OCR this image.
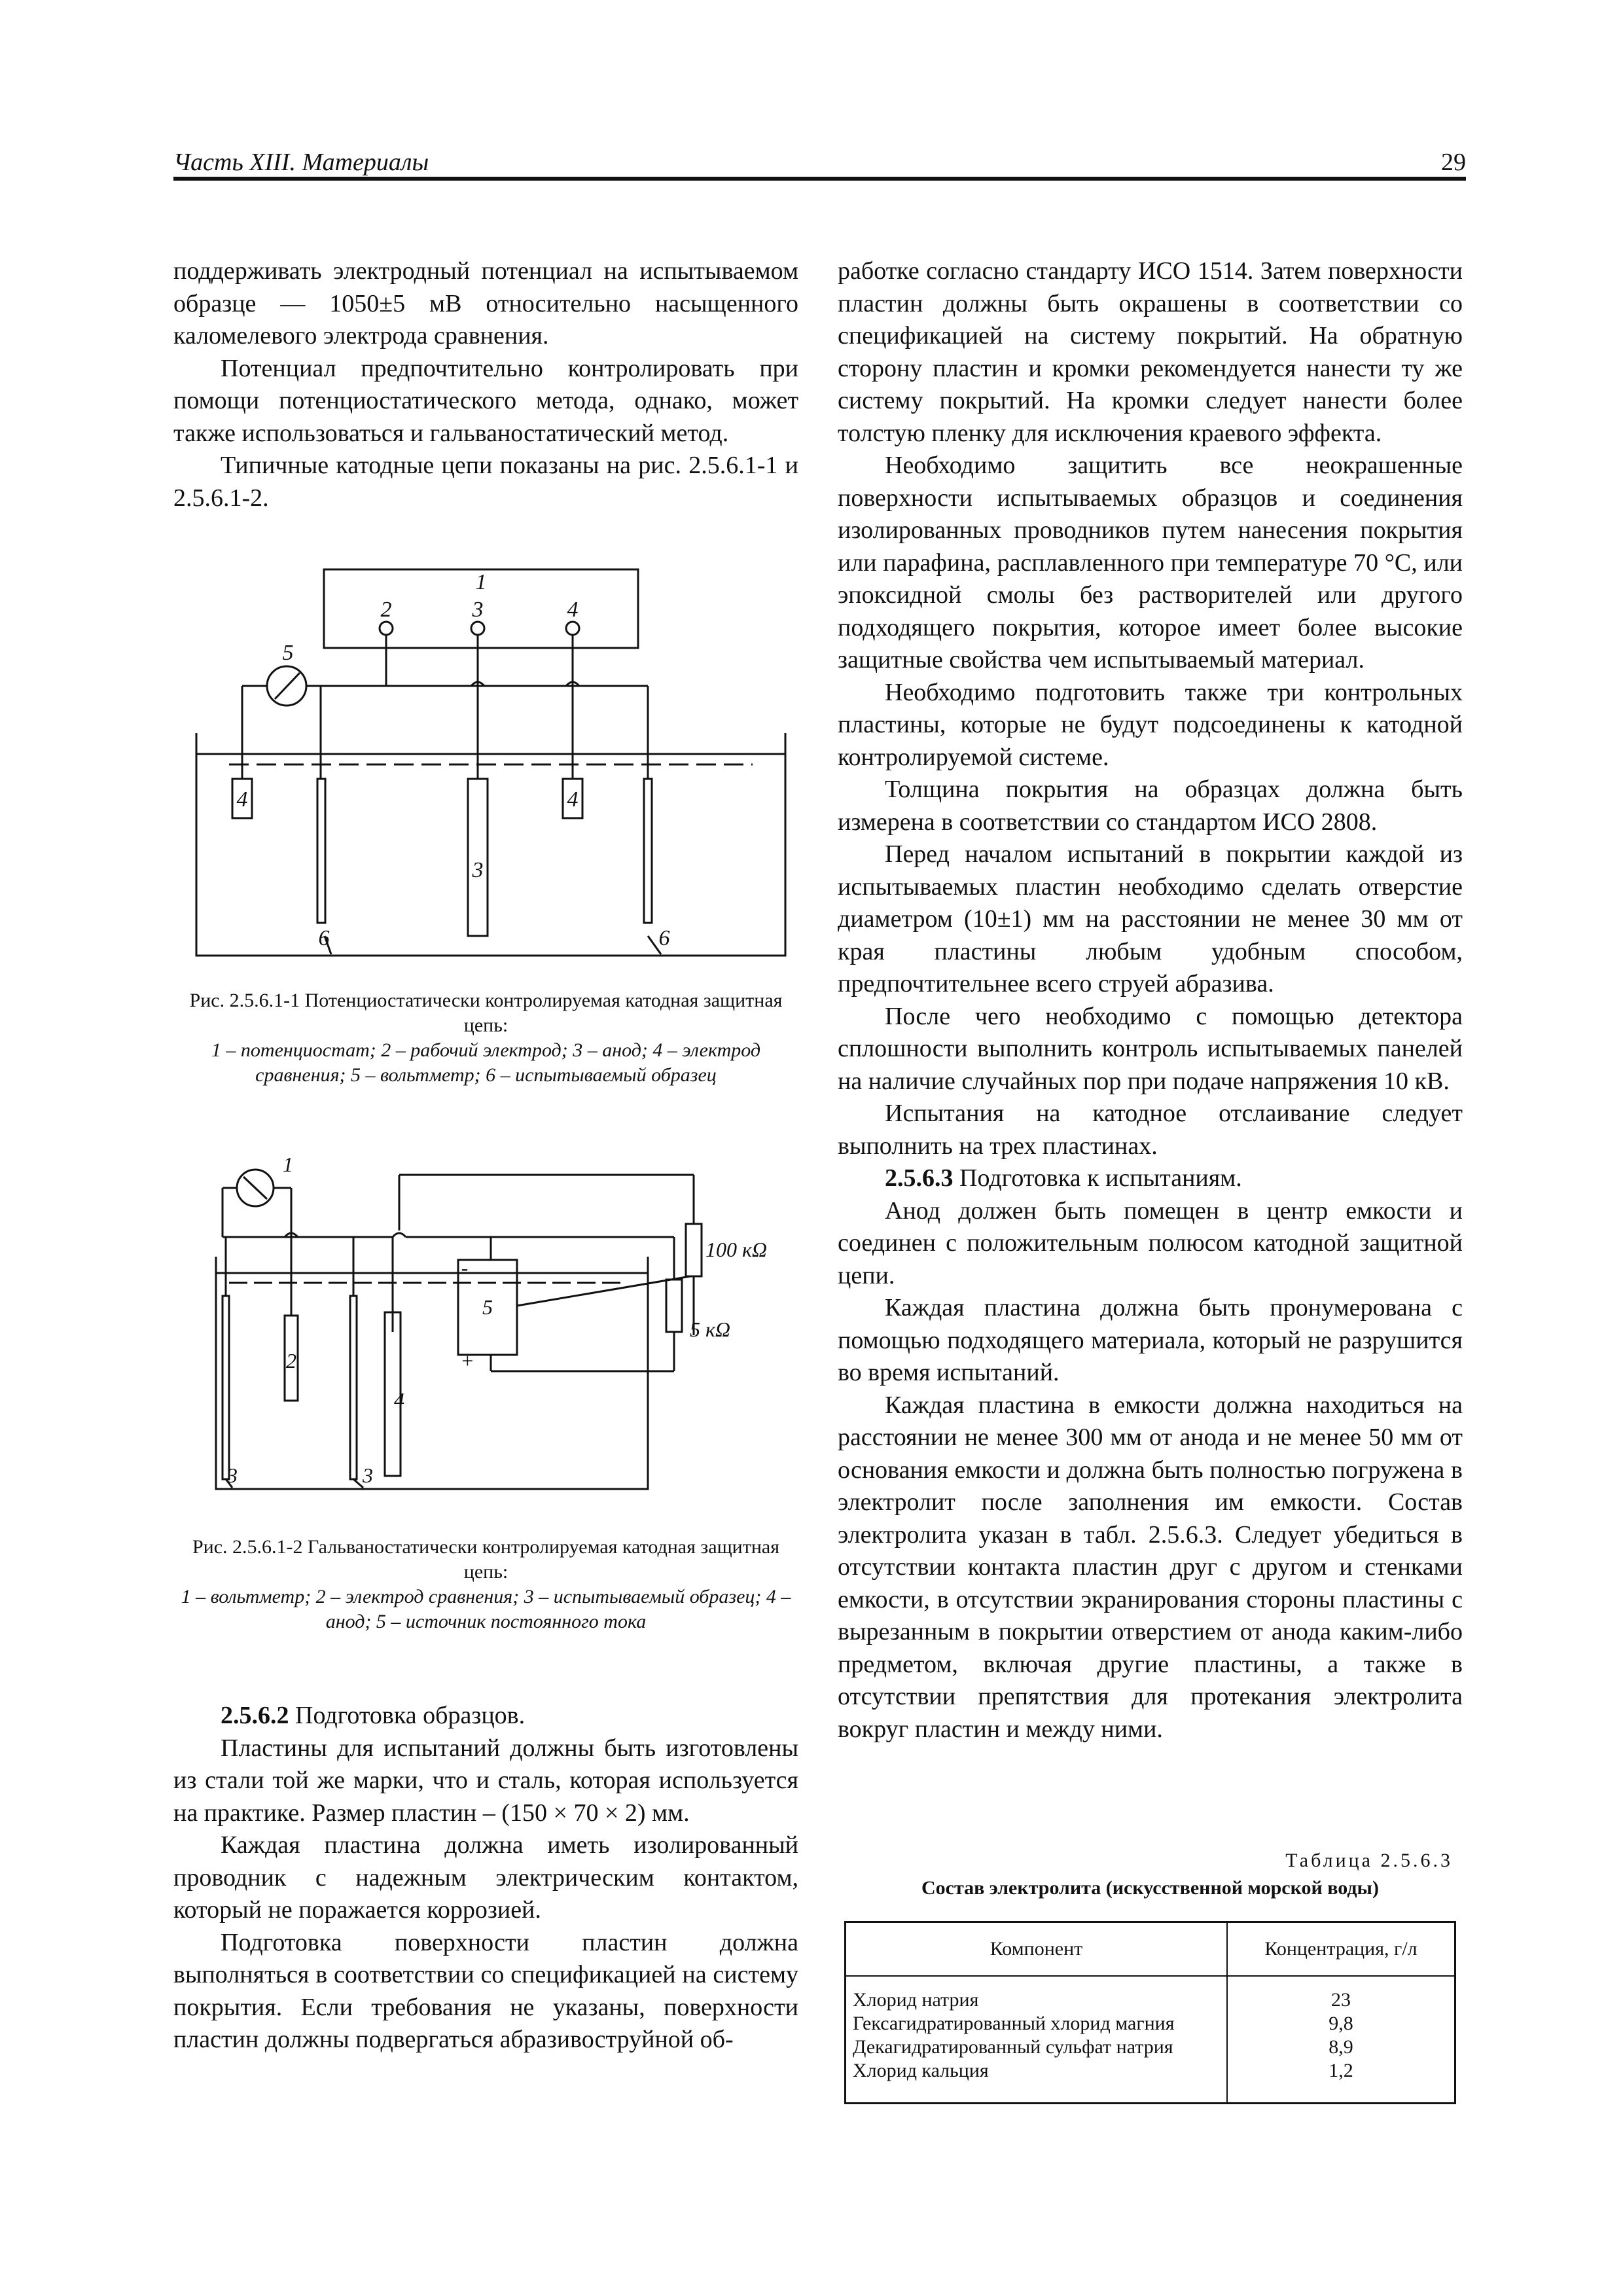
Часть XIII. Материалы	29

поддерживать электродный потенциал на испытываемом образце — 1050±5 мВ относительно насыщенного каломелевого электрода сравнения.

Потенциал предпочтительно контролировать при помощи потенциостатического метода, однако, может также использоваться и гальваностатический метод.

Типичные катодные цепи показаны на рис. 2.5.6.1-1 и 2.5.6.1-2.

1
2	3	4
5
4	4
3
6	6

Рис. 2.5.6.1-1 Потенциостатически контролируемая катодная защитная цепь:

1 – потенциостат; 2 – рабочий электрод; 3 – анод; 4 – электрод сравнения; 5 – вольтметр; 6 – испытываемый образец

1
2
4
3	3
5
100 кΩ
5 кΩ
-
+

Рис. 2.5.6.1-2 Гальваностатически контролируемая катодная защитная цепь:

1 – вольтметр; 2 – электрод сравнения; 3 – испытываемый образец; 4 – анод; 5 – источник постоянного тока

2.5.6.2 Подготовка образцов.

Пластины для испытаний должны быть изготовлены из стали той же марки, что и сталь, которая используется на практике. Размер пластин – (150 × 70 × 2) мм.

Каждая пластина должна иметь изолированный проводник с надежным электрическим контактом, который не поражается коррозией.

Подготовка поверхности пластин должна выполняться в соответствии со спецификацией на систему покрытия. Если требования не указаны, поверхности пластин должны подвергаться абразивоструйной об-

работке согласно стандарту ИСО 1514. Затем поверхности пластин должны быть окрашены в соответствии со спецификацией на систему покрытий. На обратную сторону пластин и кромки рекомендуется нанести ту же систему покрытий. На кромки следует нанести более толстую пленку для исключения краевого эффекта.

Необходимо защитить все неокрашенные поверхности испытываемых образцов и соединения изолированных проводников путем нанесения покрытия или парафина, расплавленного при температуре 70 °С, или эпоксидной смолы без растворителей или другого подходящего покрытия, которое имеет более высокие защитные свойства чем испытываемый материал.

Необходимо подготовить также три контрольных пластины, которые не будут подсоединены к катодной контролируемой системе.

Толщина покрытия на образцах должна быть измерена в соответствии со стандартом ИСО 2808.

Перед началом испытаний в покрытии каждой из испытываемых пластин необходимо сделать отверстие диаметром (10±1) мм на расстоянии не менее 30 мм от края пластины любым удобным способом, предпочтительнее всего струей абразива.

После чего необходимо с помощью детектора сплошности выполнить контроль испытываемых панелей на наличие случайных пор при подаче напряжения 10 кВ.

Испытания на катодное отслаивание следует выполнить на трех пластинах.

2.5.6.3 Подготовка к испытаниям.

Анод должен быть помещен в центр емкости и соединен с положительным полюсом катодной защитной цепи.

Каждая пластина должна быть пронумерована с помощью подходящего материала, который не разрушится во время испытаний.

Каждая пластина в емкости должна находиться на расстоянии не менее 300 мм от анода и не менее 50 мм от основания емкости и должна быть полностью погружена в электролит после заполнения им емкости. Состав электролита указан в табл. 2.5.6.3. Следует убедиться в отсутствии контакта пластин друг с другом и стенками емкости, в отсутствии экранирования стороны пластины с вырезанным в покрытии отверстием от анода каким-либо предметом, включая другие пластины, а также в отсутствии препятствия для протекания электролита вокруг пластин и между ними.

Таблица 2.5.6.3
Состав электролита (искусственной морской воды)
Компонент	Концентрация, г/л
Хлорид натрия	23
Гексагидратированный хлорид магния	9,8
Декагидратированный сульфат натрия	8,9
Хлорид кальция	1,2
